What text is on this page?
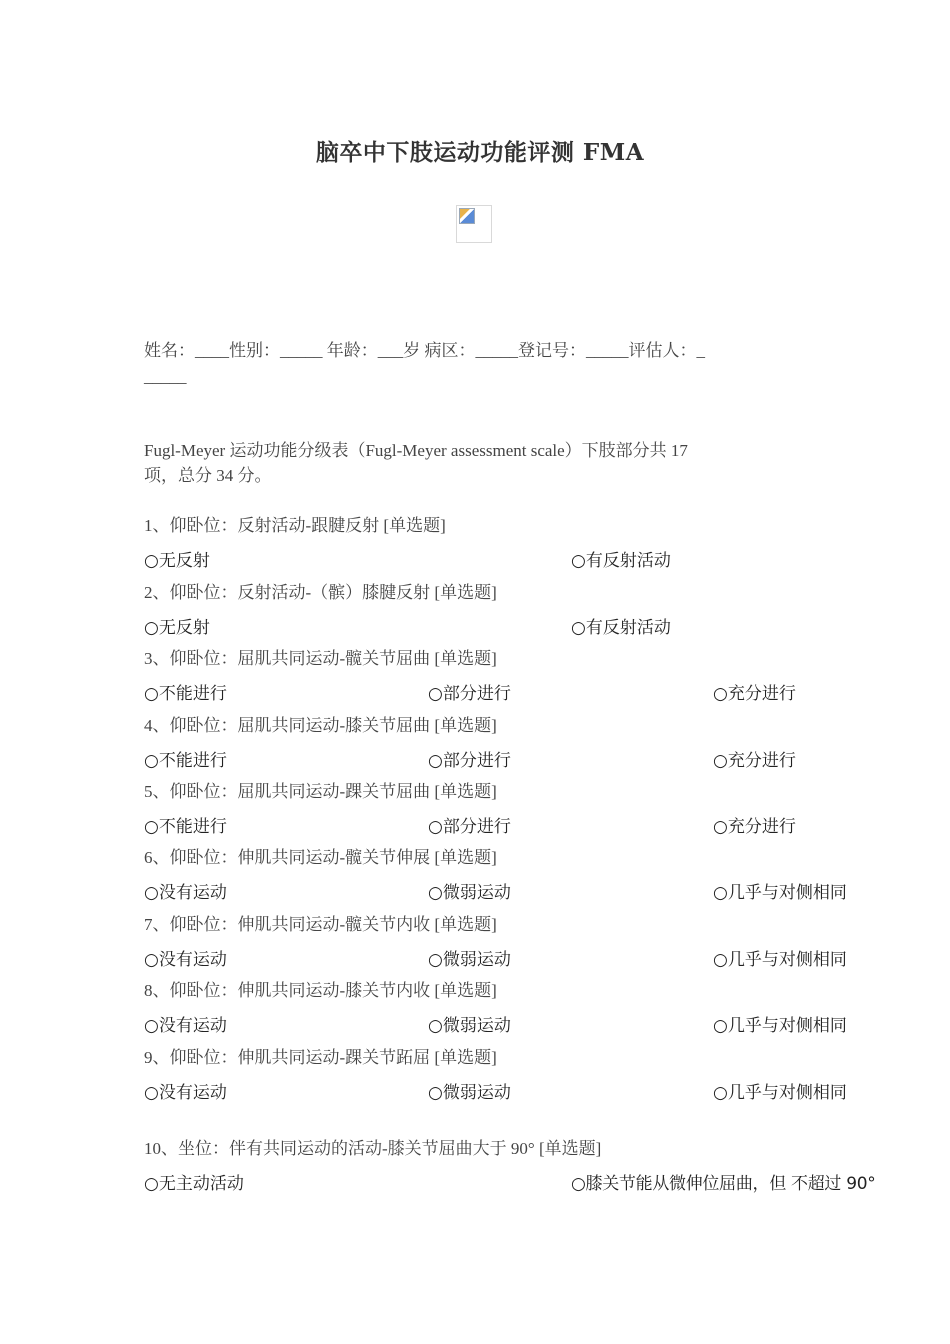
脑卒中下肢运动功能评测 FMA
姓名：____性别：_____ 年龄：___岁 病区：_____登记号：_____评估人：_
_____
Fugl-Meyer 运动功能分级表（Fugl-Meyer assessment scale）下肢部分共 17
项，总分 34 分。
1、仰卧位：反射活动-跟腱反射 [单选题]
○无反射	○有反射活动
2、仰卧位：反射活动-（髌）膝腱反射 [单选题]
○无反射	○有反射活动
3、仰卧位：屈肌共同运动-髋关节屈曲 [单选题]
○不能进行	○部分进行	○充分进行
4、仰卧位：屈肌共同运动-膝关节屈曲 [单选题]
○不能进行	○部分进行	○充分进行
5、仰卧位：屈肌共同运动-踝关节屈曲 [单选题]
○不能进行	○部分进行	○充分进行
6、仰卧位：伸肌共同运动-髋关节伸展 [单选题]
○没有运动	○微弱运动	○几乎与对侧相同
7、仰卧位：伸肌共同运动-髋关节内收 [单选题]
○没有运动	○微弱运动	○几乎与对侧相同
8、仰卧位：伸肌共同运动-膝关节内收 [单选题]
○没有运动	○微弱运动	○几乎与对侧相同
9、仰卧位：伸肌共同运动-踝关节跖屈 [单选题]
○没有运动	○微弱运动	○几乎与对侧相同
10、坐位：伴有共同运动的活动-膝关节屈曲大于 90° [单选题]
○无主动活动	○膝关节能从微伸位屈曲，但 不超过 90°
